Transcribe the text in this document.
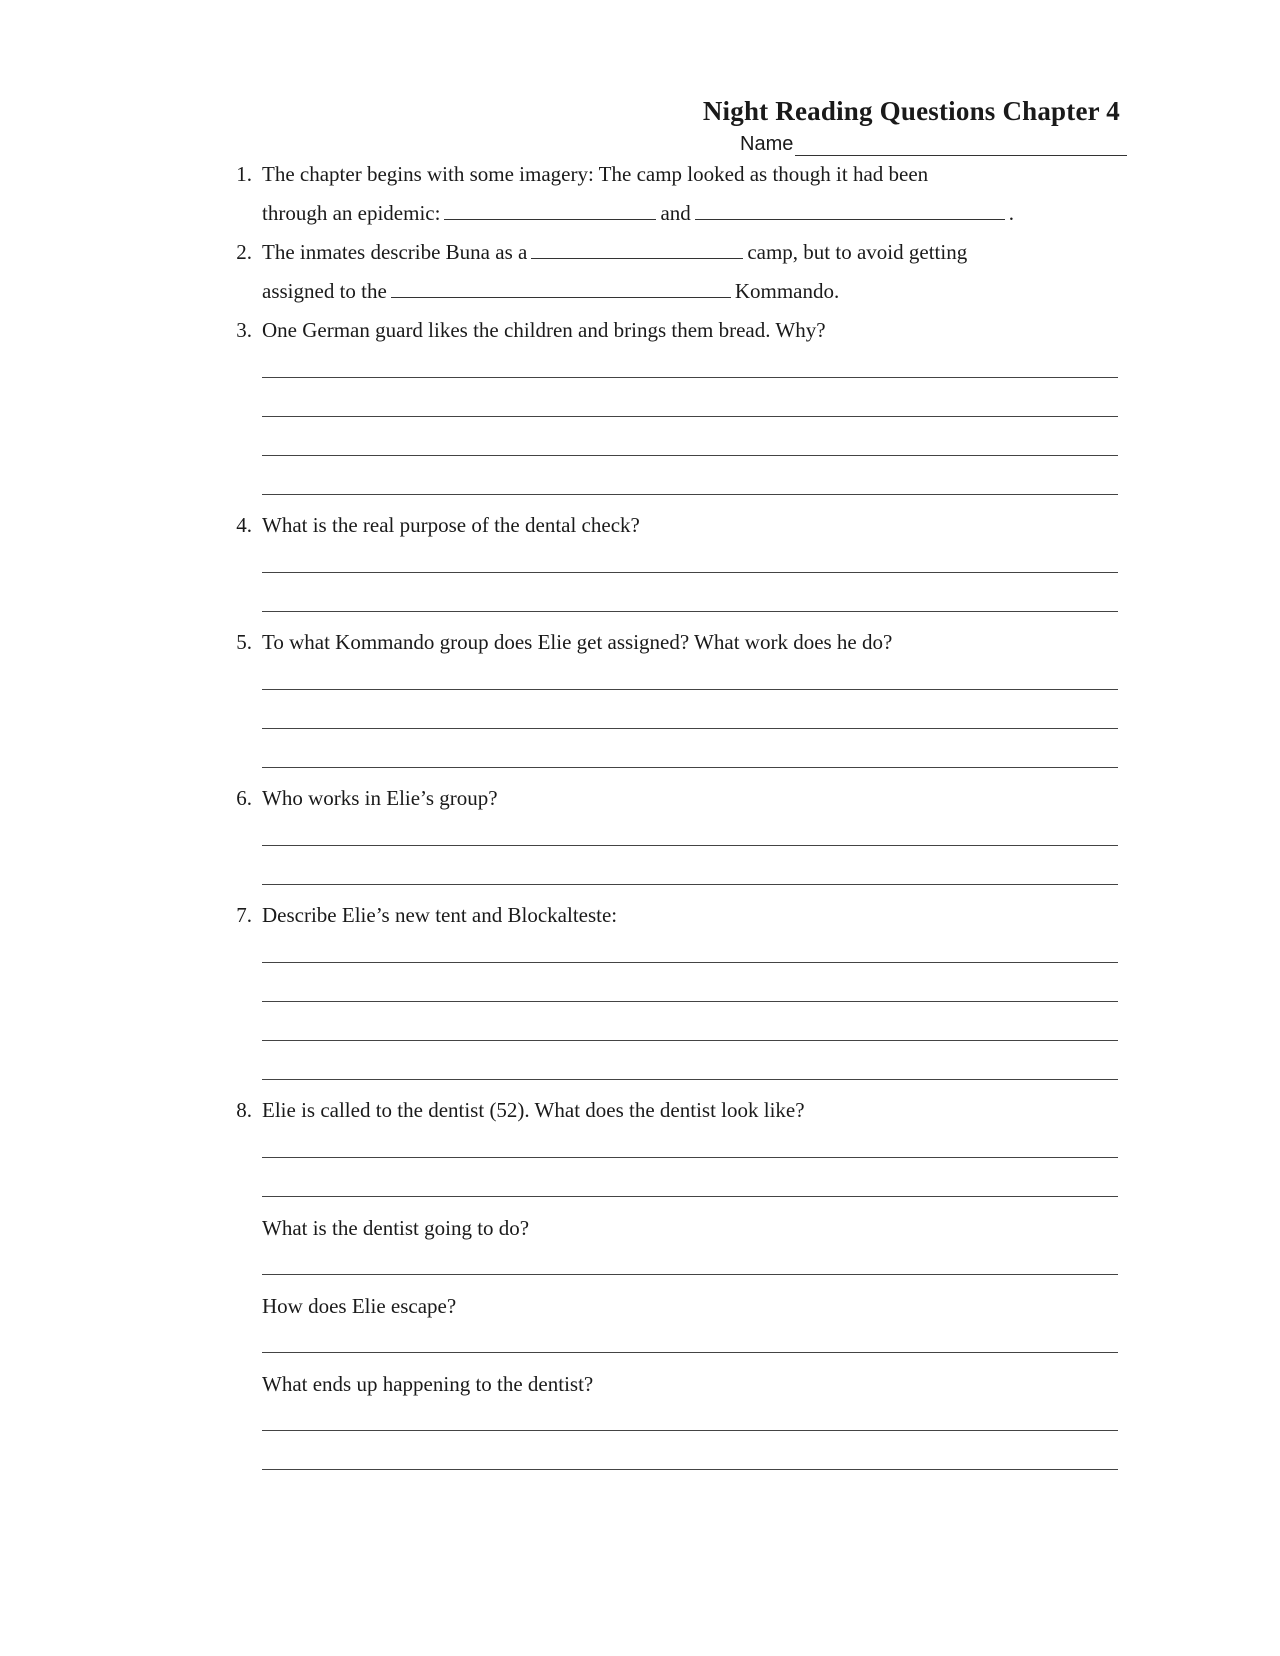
Night Reading Questions Chapter 4
Name
1. The chapter begins with some imagery: The camp looked as though it had been
through an epidemic:	and	.
2. The inmates describe Buna as a	camp, but to avoid getting
assigned to the	Kommando.
3. One German guard likes the children and brings them bread. Why?
4. What is the real purpose of the dental check?
5. To what Kommando group does Elie get assigned? What work does he do?
6. Who works in Elie’s group?
7. Describe Elie’s new tent and Blockalteste:
8. Elie is called to the dentist (52). What does the dentist look like?
What is the dentist going to do?
How does Elie escape?
What ends up happening to the dentist?
